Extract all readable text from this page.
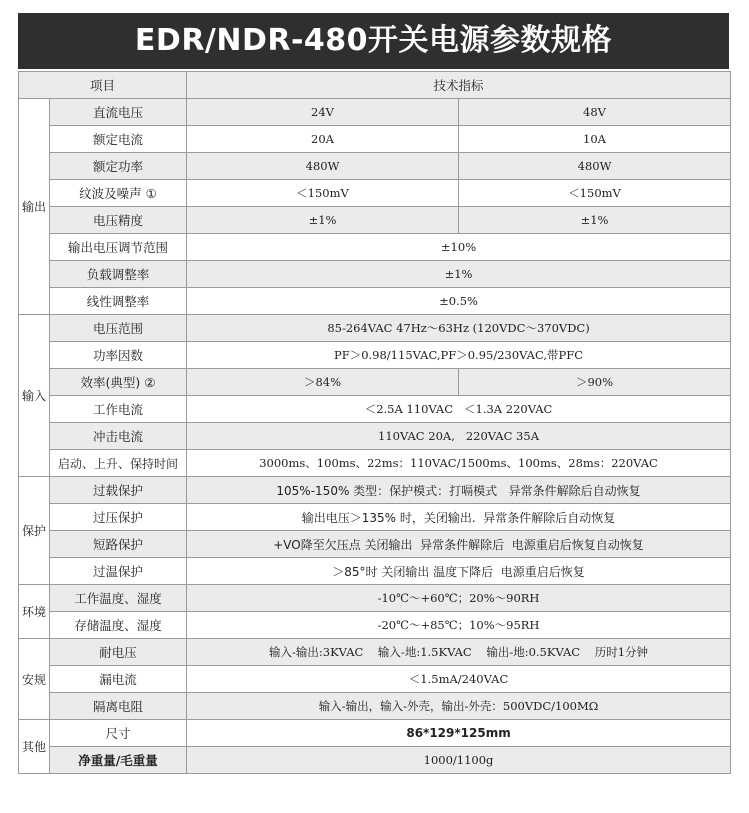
EDR/NDR-480开关电源参数规格
项目		技术指标	
输出	直流电压	24V	48V
	额定电流	20A	10A
	额定功率	480W	480W
	纹波及噪声 ①	＜150mV	＜150mV
	电压精度	±1%	±1%
	输出电压调节范围	±10%	
	负载调整率	±1%	
	线性调整率	±0.5%	
输入	电压范围	85-264VAC 47Hz～63Hz (120VDC～370VDC)	
	功率因数	PF＞0.98/115VAC,PF＞0.95/230VAC,带PFC	
	效率(典型) ②	＞84%	＞90%
	工作电流	＜2.5A 110VAC   ＜1.3A 220VAC	
	冲击电流	110VAC 20A,   220VAC 35A	
	启动、上升、保持时间	3000ms、100ms、22ms：110VAC/1500ms、100ms、28ms：220VAC	
保护	过载保护	105%-150% 类型：保护模式：打嗝模式   异常条件解除后自动恢复	
	过压保护	输出电压＞135% 时，关闭输出.  异常条件解除后自动恢复	
	短路保护	+VO降至欠压点 关闭输出  异常条件解除后  电源重启后恢复自动恢复	
	过温保护	＞85°时 关闭输出 温度下降后  电源重启后恢复	
环境	工作温度、湿度	-10℃～+60℃；20%～90RH	
	存储温度、湿度	-20℃～+85℃；10%～95RH	
安规	耐电压	输入-输出:3KVAC    输入-地:1.5KVAC    输出-地:0.5KVAC    历时1分钟	
	漏电流	＜1.5mA/240VAC	
	隔离电阻	输入-输出，输入-外壳，输出-外壳：500VDC/100MΩ	
其他	尺寸	86*129*125mm	
	净重量/毛重量	1000/1100g	
